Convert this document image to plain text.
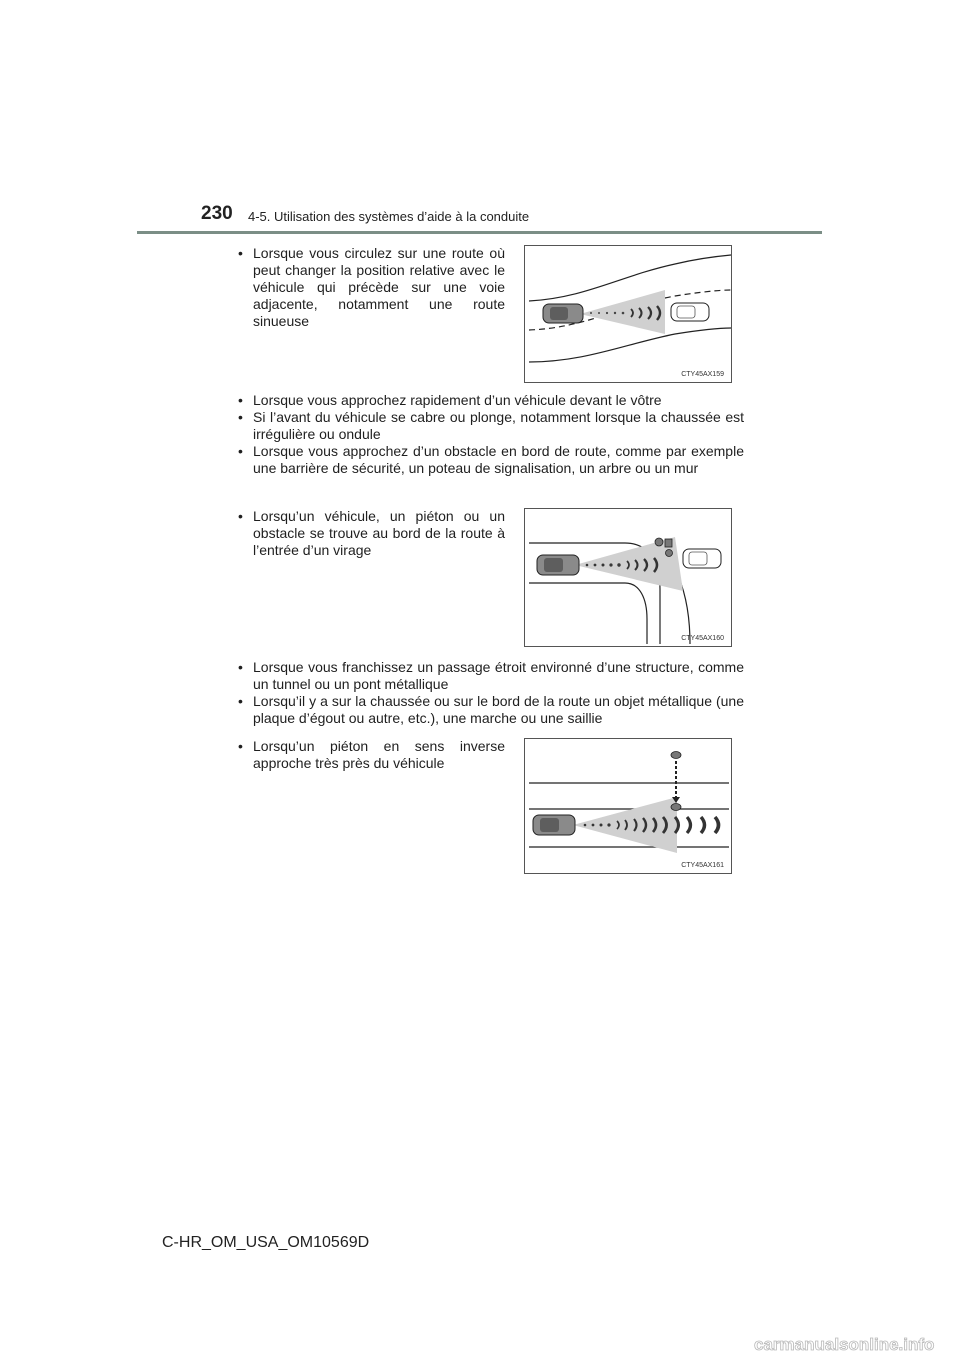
230 4-5. Utilisation des systèmes d’aide à la conduite
• Lorsque vous circulez sur une route où peut changer la position relative avec le véhicule qui précède sur une voie adjacente, notamment une route sinueuse
CTY45AX159
• Lorsque vous approchez rapidement d’un véhicule devant le vôtre
• Si l’avant du véhicule se cabre ou plonge, notamment lorsque la chaussée est irrégulière ou ondule
• Lorsque vous approchez d’un obstacle en bord de route, comme par exemple une barrière de sécurité, un poteau de signalisation, un arbre ou un mur
• Lorsqu’un véhicule, un piéton ou un obstacle se trouve au bord de la route à l’entrée d’un virage
CTY45AX160
• Lorsque vous franchissez un passage étroit environné d’une structure, comme un tunnel ou un pont métallique
• Lorsqu’il y a sur la chaussée ou sur le bord de la route un objet métallique (une plaque d’égout ou autre, etc.), une marche ou une saillie
• Lorsqu’un piéton en sens inverse approche très près du véhicule
CTY45AX161
C-HR_OM_USA_OM10569D
carmanualsonline.info
